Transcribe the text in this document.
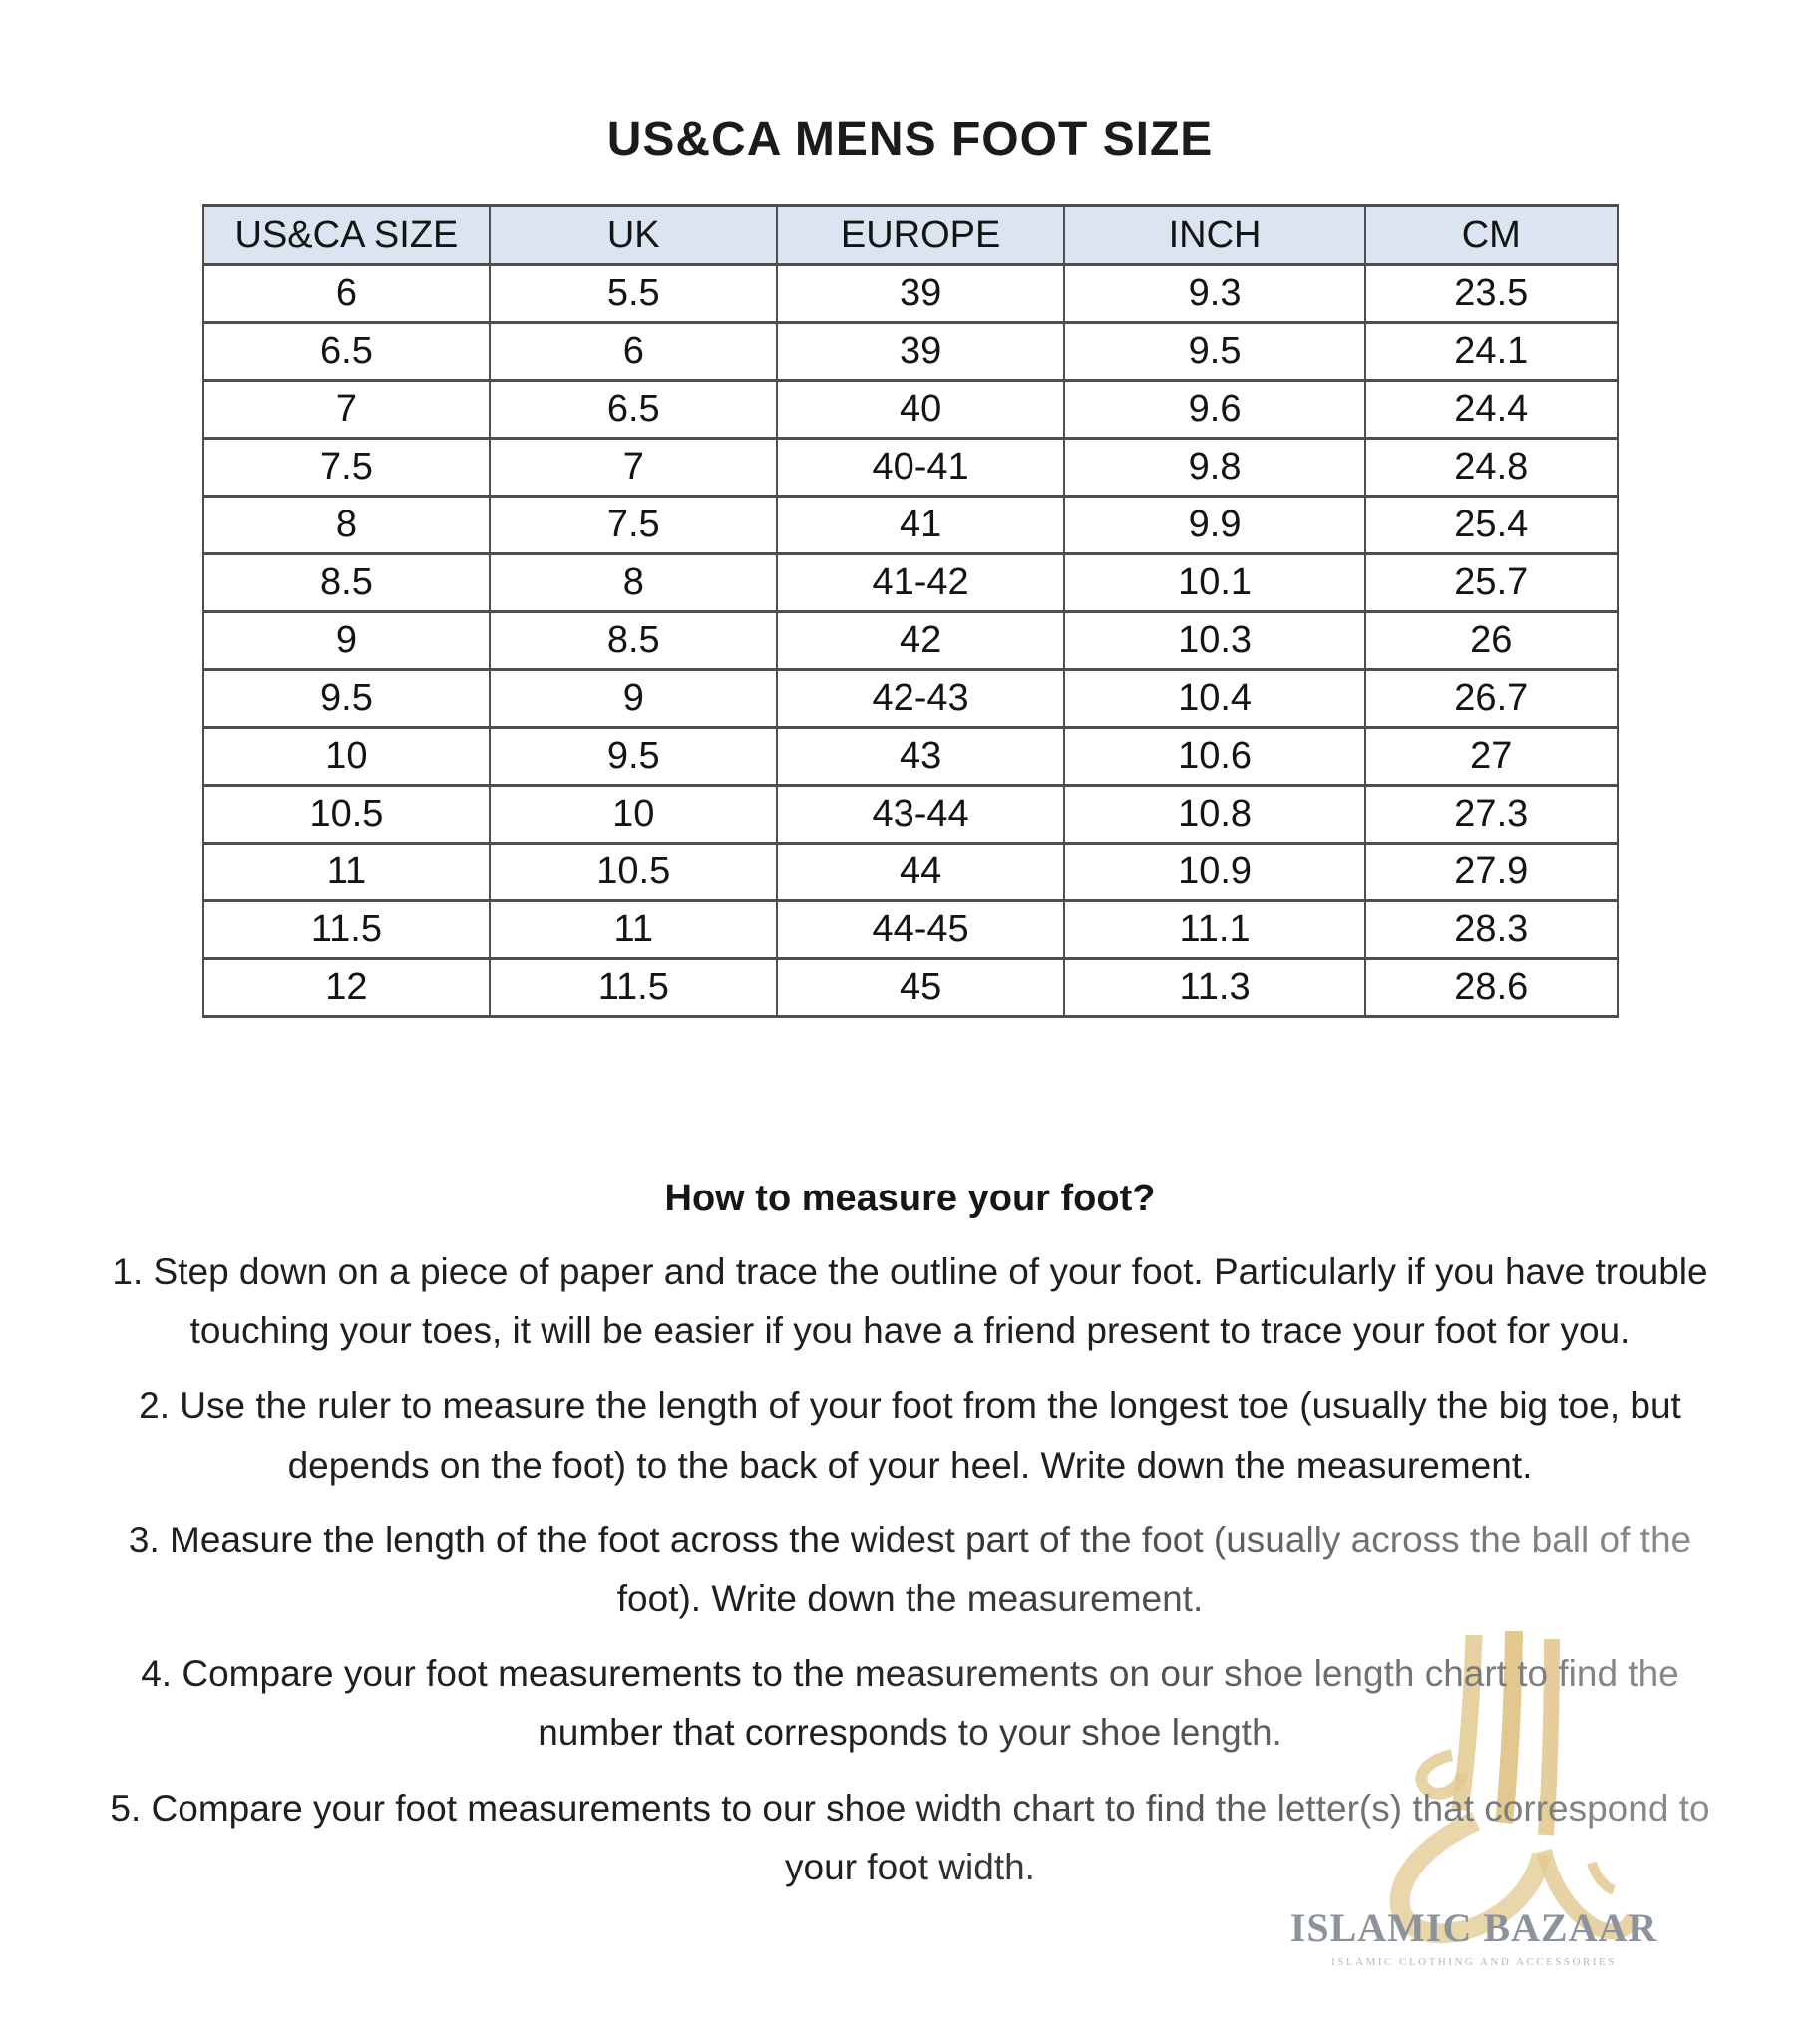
US&CA MENS FOOT SIZE
US&CA SIZE	UK	EUROPE	INCH	CM
6	5.5	39	9.3	23.5
6.5	6	39	9.5	24.1
7	6.5	40	9.6	24.4
7.5	7	40-41	9.8	24.8
8	7.5	41	9.9	25.4
8.5	8	41-42	10.1	25.7
9	8.5	42	10.3	26
9.5	9	42-43	10.4	26.7
10	9.5	43	10.6	27
10.5	10	43-44	10.8	27.3
11	10.5	44	10.9	27.9
11.5	11	44-45	11.1	28.3
12	11.5	45	11.3	28.6
How to measure your foot?

1. Step down on a piece of paper and trace the outline of your foot. Particularly if you have trouble touching your toes, it will be easier if you have a friend present to trace your foot for you.

2. Use the ruler to measure the length of your foot from the longest toe (usually the big toe, but depends on the foot) to the back of your heel. Write down the measurement.

3. Measure the length of the foot across the widest part of the foot (usually across the ball of the foot). Write down the measurement.

4. Compare your foot measurements to the measurements on our shoe length chart to find the number that corresponds to your shoe length.

5. Compare your foot measurements to our shoe width chart to find the letter(s) that correspond to your foot width.

ISLAMIC BAZAAR
ISLAMIC CLOTHING AND ACCESSORIES
